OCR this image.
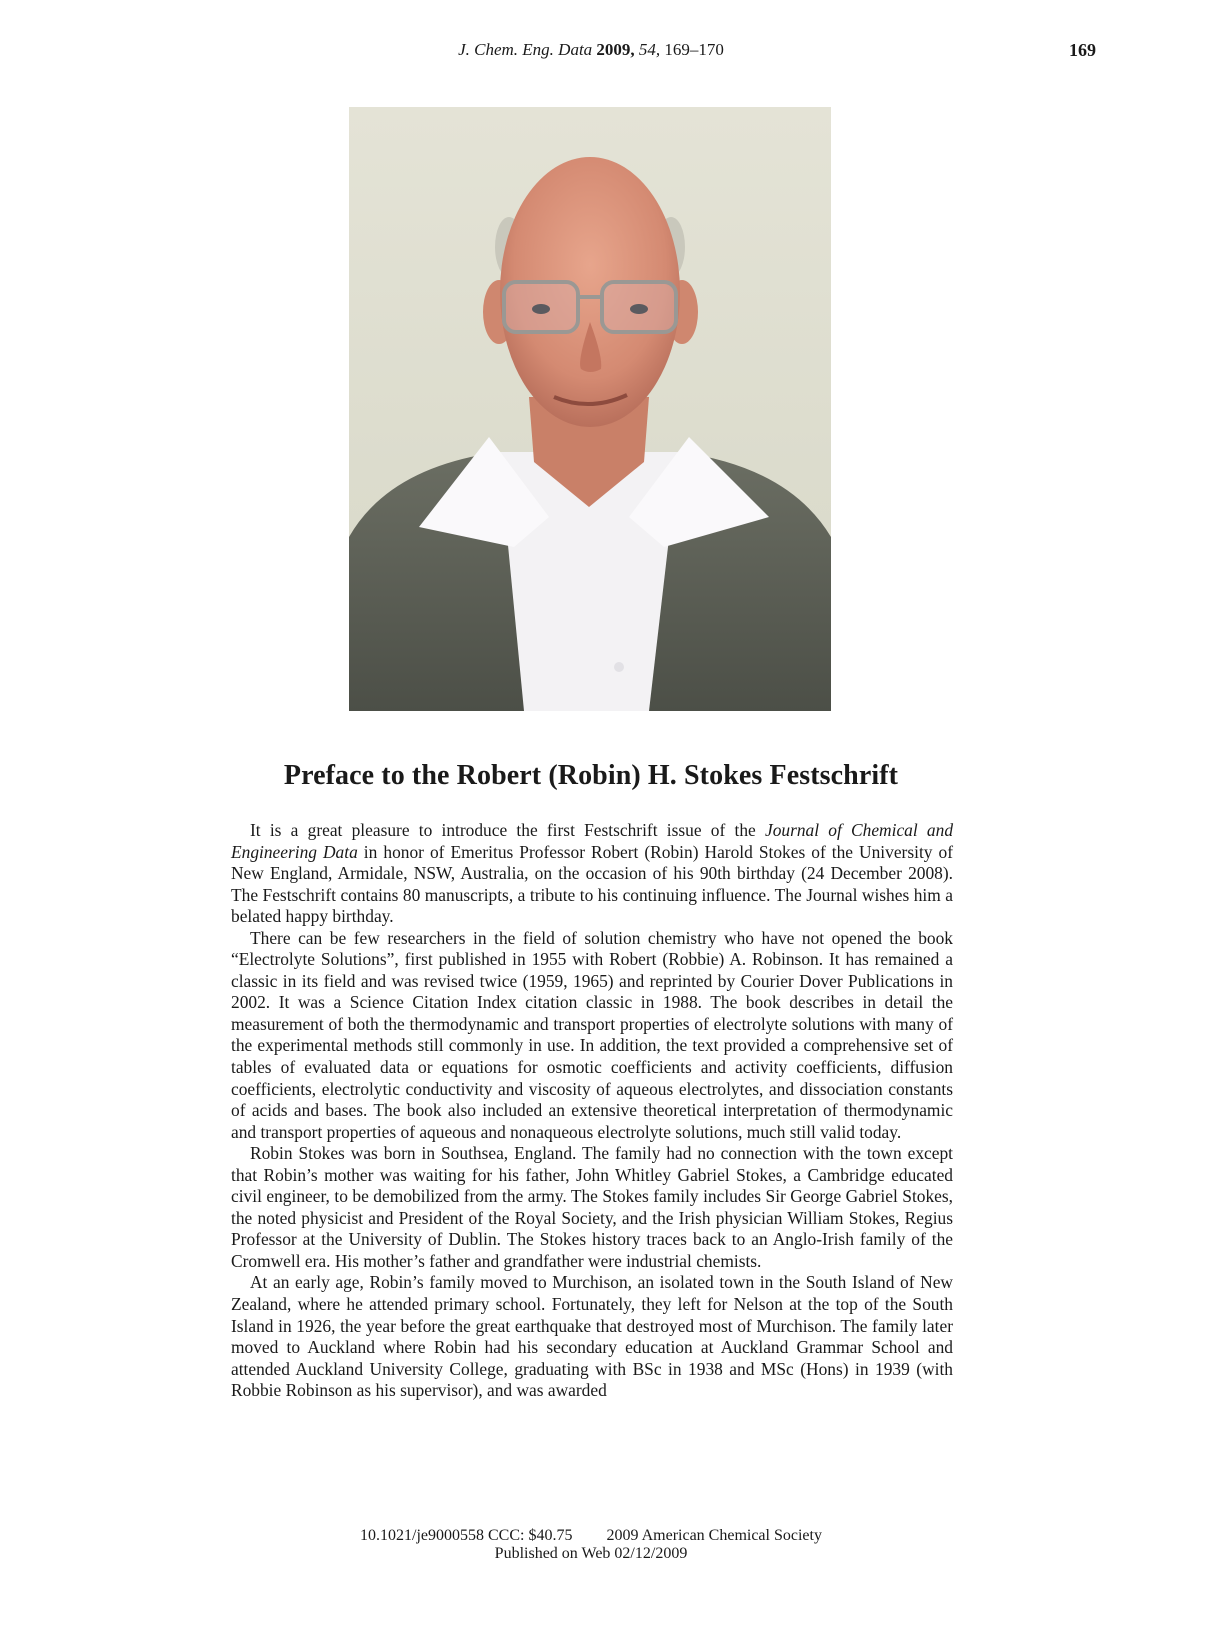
J. Chem. Eng. Data 2009, 54, 169–170	169
Preface to the Robert (Robin) H. Stokes Festschrift

It is a great pleasure to introduce the first Festschrift issue of the Journal of Chemical and Engineering Data in honor of Emeritus Professor Robert (Robin) Harold Stokes of the University of New England, Armidale, NSW, Australia, on the occasion of his 90th birthday (24 December 2008). The Festschrift contains 80 manuscripts, a tribute to his continuing influence. The Journal wishes him a belated happy birthday.

There can be few researchers in the field of solution chemistry who have not opened the book “Electrolyte Solutions”, first published in 1955 with Robert (Robbie) A. Robinson. It has remained a classic in its field and was revised twice (1959, 1965) and reprinted by Courier Dover Publications in 2002. It was a Science Citation Index citation classic in 1988. The book describes in detail the measurement of both the thermodynamic and transport properties of electrolyte solutions with many of the experimental methods still commonly in use. In addition, the text provided a comprehensive set of tables of evaluated data or equations for osmotic coefficients and activity coefficients, diffusion coefficients, electrolytic conductivity and viscosity of aqueous electrolytes, and dissociation constants of acids and bases. The book also included an extensive theoretical interpretation of thermodynamic and transport properties of aqueous and nonaqueous electrolyte solutions, much still valid today.

Robin Stokes was born in Southsea, England. The family had no connection with the town except that Robin’s mother was waiting for his father, John Whitley Gabriel Stokes, a Cambridge educated civil engineer, to be demobilized from the army. The Stokes family includes Sir George Gabriel Stokes, the noted physicist and President of the Royal Society, and the Irish physician William Stokes, Regius Professor at the University of Dublin. The Stokes history traces back to an Anglo-Irish family of the Cromwell era. His mother’s father and grandfather were industrial chemists.

At an early age, Robin’s family moved to Murchison, an isolated town in the South Island of New Zealand, where he attended primary school. Fortunately, they left for Nelson at the top of the South Island in 1926, the year before the great earthquake that destroyed most of Murchison. The family later moved to Auckland where Robin had his secondary education at Auckland Grammar School and attended Auckland University College, graduating with BSc in 1938 and MSc (Hons) in 1939 (with Robbie Robinson as his supervisor), and was awarded

10.1021/je9000558 CCC: $40.75 2009 American Chemical Society
Published on Web 02/12/2009
